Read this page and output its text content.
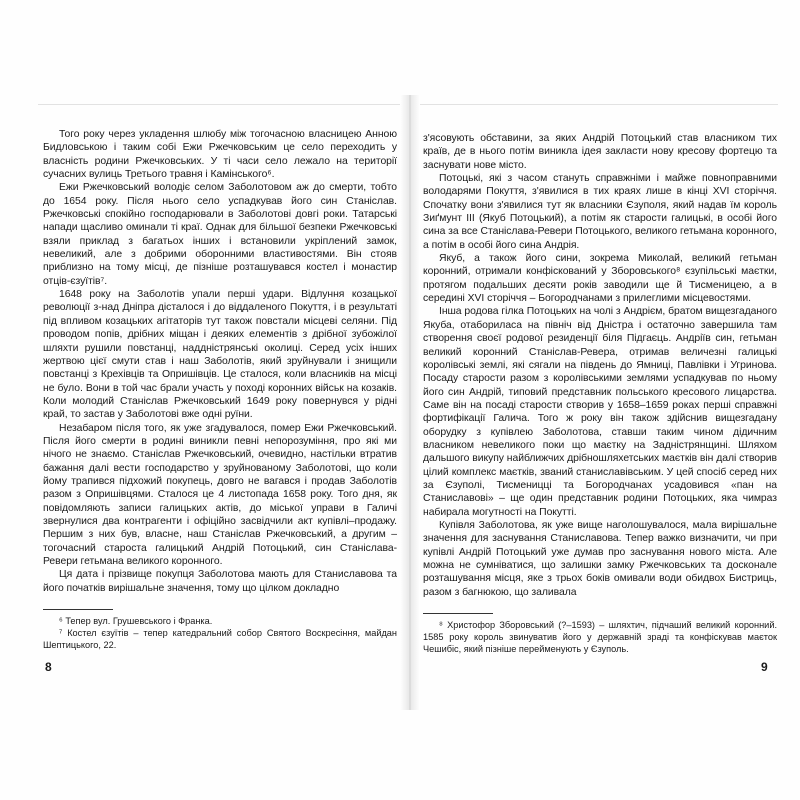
Того року через укладення шлюбу між тогочасною власницею Анною Бидловською і таким собі Ежи Ржечковським це село переходить у власність родини Ржечковських. У ті часи село лежало на території сучасних вулиць Третього травня і Камінського⁶.

Ежи Ржечковський володіє селом Заболотовом аж до смерти, тобто до 1654 року. Після нього село успадкував його син Станіслав. Ржечковські спокійно господарювали в Заболотові довгі роки. Татарські напади щасливо оминали ті краї. Однак для більшої безпеки Ржечковські взяли приклад з багатьох інших і встановили укріплений замок, невеликий, але з добрими оборонними властивостями. Він стояв приблизно на тому місці, де пізніше розташувався костел і монастир отців-єзуїтів⁷.

1648 року на Заболотів упали перші удари. Відлуння козацької революції з-над Дніпра дісталося і до віддаленого Покуття, і в результаті під впливом козацьких агітаторів тут також повстали місцеві селяни. Під проводом попів, дрібних міщан і деяких елементів з дрібної зубожілої шляхти рушили повстанці, наддністрянські околиці. Серед усіх інших жертвою цієї смути став і наш Заболотів, який зруйнували і знищили повстанці з Крехівців та Опришівців. Це сталося, коли власників на місці не було. Вони в той час брали участь у поході коронних військ на козаків. Коли молодий Станіслав Ржечковський 1649 року повернувся у рідні край, то застав у Заболотові вже одні руїни.

Незабаром після того, як уже згадувалося, помер Ежи Ржечковський. Після його смерти в родині виникли певні непорозуміння, про які ми нічого не знаємо. Станіслав Ржечковський, очевидно, настільки втратив бажання далі вести господарство у зруйнованому Заболотові, що коли йому трапився підхожий покупець, довго не вагався і продав Заболотів разом з Опришівцями. Сталося це 4 листопада 1658 року. Того дня, як повідомляють записи галицьких актів, до міської управи в Галичі звернулися два контрагенти і офіційно засвідчили акт купівлі–продажу. Першим з них був, власне, наш Станіслав Ржечковський, а другим – тогочасний староста галицький Андрій Потоцький, син Станіслава-Ревери гетьмана великого коронного.

Ця дата і прізвище покупця Заболотова мають для Станиславова та його початків вирішальне значення, тому що цілком докладно

⁶ Тепер вул. Грушевського і Франка.

⁷ Костел єзуїтів – тепер катедральний собор Святого Воскресіння, майдан Шептицького, 22.

8

з'ясовують обставини, за яких Андрій Потоцький став власником тих країв, де в нього потім виникла ідея заклаcти нову кресову фортецю та заснувати нове місто.

Потоцькі, які з часом стануть справжніми і майже повноправними володарями Покуття, з'явилися в тих краях лише в кінці XVI сторіччя. Спочатку вони з'явилися тут як власники Єзуполя, який надав їм король Зиґмунт III (Якуб Потоцький), а потім як старости галицькі, в особі його сина за все Станіслава-Ревери Потоцького, великого гетьмана коронного, а потім в особі його сина Андрія.

Якуб, а також його сини, зокрема Миколай, великий гетьман коронний, отримали конфіскований у Зборовського⁸ єзупільські маєтки, протягом подальших десяти років заводили ще й Тисменицею, а в середині XVI сторіччя – Богородчанами з прилеглими місцевостями.

Інша родова гілка Потоцьких на чолі з Андрієм, братом вищезгаданого Якуба, отабориласа на північ від Дністра і остаточно завершила там створення своєї родової резиденції біля Підгаєць. Андріїв син, гетьман великий коронний Станіслав-Ревера, отримав величезні галицькі королівські землі, які сягали на південь до Ямниці, Павлівки і Угринова. Посаду старости разом з королівськими землями успадкував по ньому його син Андрій, типовий представник польського кресового лицарства. Саме він на посаді старости створив у 1658–1659 роках перші справжні фортифікації Галича. Того ж року він також здійснив вищезгадану оборудку з купівлею Заболотова, ставши таким чином дідичним власником невеликого поки що маєтку на Задністрянщині. Шляхом дальшого викупу найближчих дрібношляхетських маєтків він далі створив цілий комплекс маєтків, званий станиславівським. У цей спосіб серед них за Єзуполі, Тисменицці та Богородчанах усадовився «пан на Станиславові» – ще один представник родини Потоцьких, яка чимраз набирала могутності на Покутті.

Купівля Заболотова, як уже вище наголошувалося, мала вирішальне значення для заснування Станиславова. Тепер важко визначити, чи при купівлі Андрій Потоцький уже думав про заснування нового міста. Але можна не сумніватися, що залишки замку Ржечковських та досконале розташування місця, яке з трьох боків омивали води обидвох Бистриць, разом з багнюкою, що заливала

⁸ Христофор Зборовський (?–1593) – шляхтич, підчаший великий коронний. 1585 року король звинуватив його у державній зраді та конфіскував маєток Чешибіс, який пізніше перейменують у Єзуполь.

9
